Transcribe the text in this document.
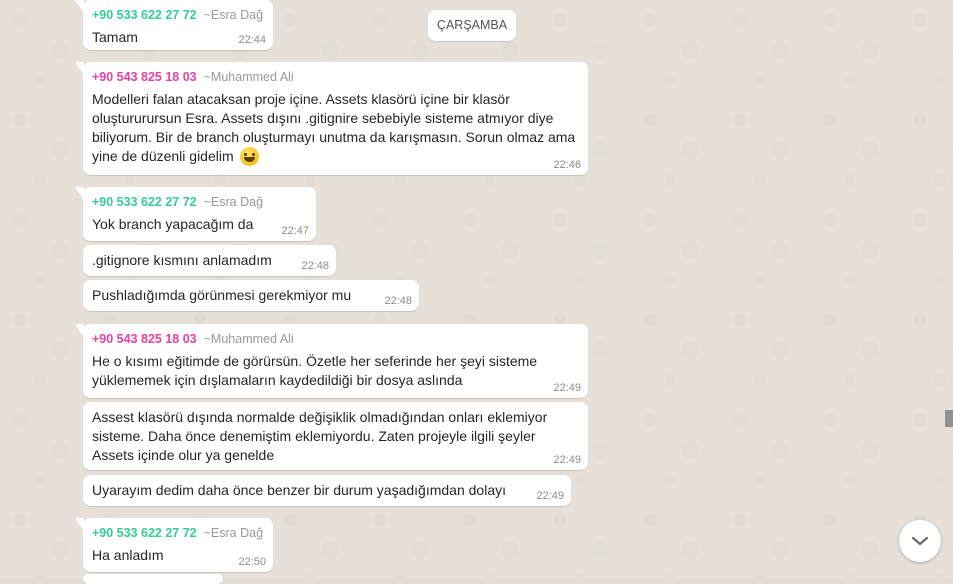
+90 533 622 27 72 ~Esra Dağ
Tamam	22:44
ÇARŞAMBA
+90 543 825 18 03 ~Muhammed Ali
Modelleri falan atacaksan proje içine. Assets klasörü içine bir klasör
oluştururursun Esra. Assets dışını .gitignire sebebiyle sisteme atmıyor diye
biliyorum. Bir de branch oluşturmayı unutma da karışmasın. Sorun olmaz ama
yine de düzenli gidelim
22:46
+90 533 622 27 72 ~Esra Dağ
Yok branch yapacağım da	22:47
.gitignore kısmını anlamadım	22:48
Pushladığımda görünmesi gerekmiyor mu	22:48
+90 543 825 18 03 ~Muhammed Ali
He o kısımı eğitimde de görürsün. Özetle her seferinde her şeyi sisteme
yüklememek için dışlamaların kaydedildiği bir dosya aslında	22:49
Assest klasörü dışında normalde değişiklik olmadığından onları eklemiyor
sisteme. Daha önce denemiştim eklemiyordu. Zaten projeyle ilgili şeyler
Assets içinde olur ya genelde	22:49
Uyarayım dedim daha önce benzer bir durum yaşadığımdan dolayı	22:49
+90 533 622 27 72 ~Esra Dağ
Ha anladım	22:50
